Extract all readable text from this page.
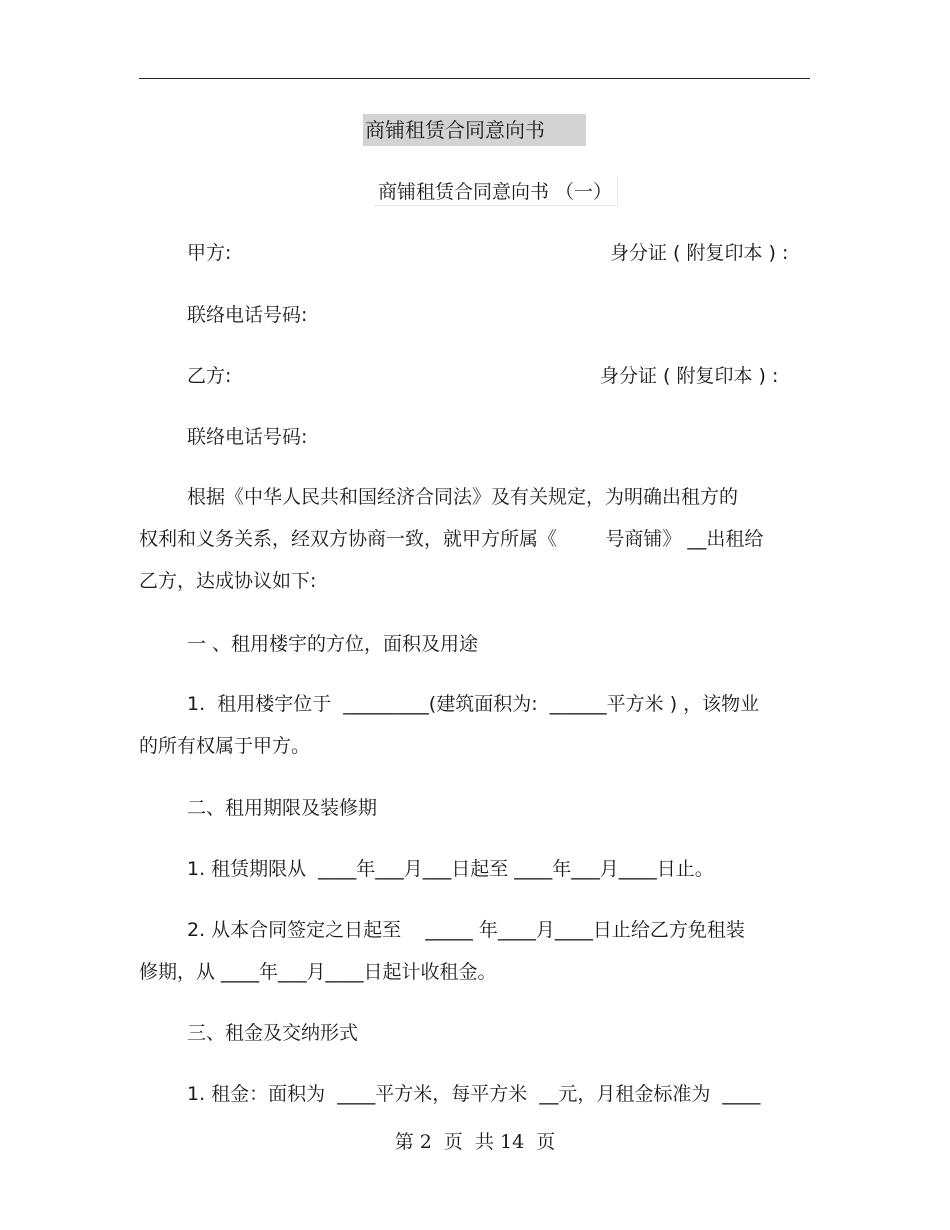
商铺租赁合同意向书
商铺租赁合同意向书 （一）
甲方:	身分证 ( 附复印本 ) :
联络电话号码:
乙方:	身分证 ( 附复印本 ) :
联络电话号码:
根据《中华人民共和国经济合同法》及有关规定，为明确出租方的
权利和义务关系，经双方协商一致，就甲方所属《        号商铺》 __出租给
乙方，达成协议如下:
一 、租用楼宇的方位，面积及用途
1.  租用楼宇位于  _________(建筑面积为:  ______平方米 ) ，该物业
的所有权属于甲方。
二、租用期限及装修期
1. 租赁期限从  ____年___月___日起至 ____年___月____日止。
2. 从本合同签定之日起至    _____ 年____月____日止给乙方免租装
修期，从 ____年___月____日起计收租金。
三、租金及交纳形式
1. 租金：面积为  ____平方米，每平方米  __元，月租金标准为  ____
第 2  页  共 14  页
